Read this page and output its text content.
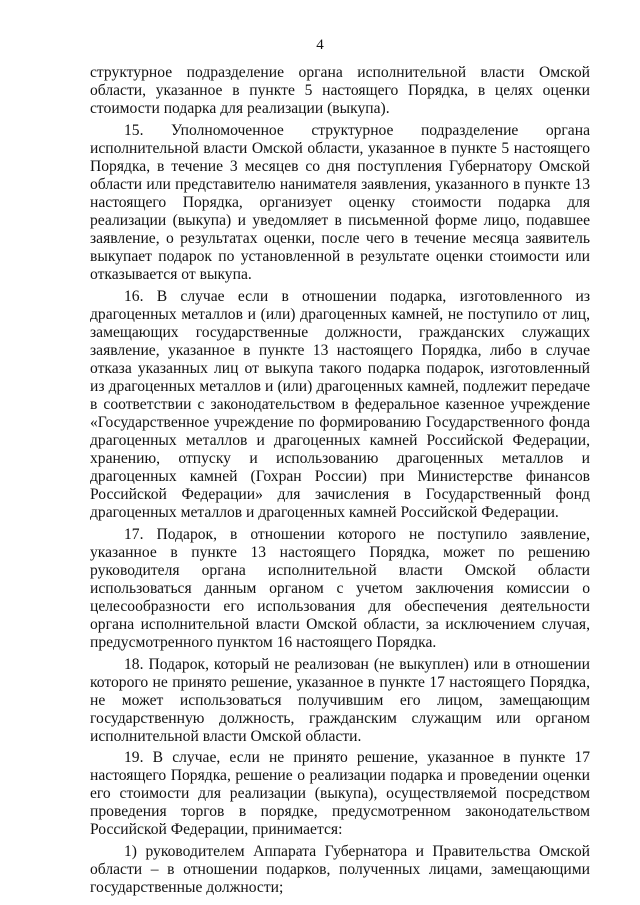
4

структурное подразделение органа исполнительной власти Омской области, указанное в пункте 5 настоящего Порядка, в целях оценки стоимости подарка для реализации (выкупа).

15. Уполномоченное структурное подразделение органа исполнительной власти Омской области, указанное в пункте 5 настоящего Порядка, в течение 3 месяцев со дня поступления Губернатору Омской области или представителю нанимателя заявления, указанного в пункте 13 настоящего Порядка, организует оценку стоимости подарка для реализации (выкупа) и уведомляет в письменной форме лицо, подавшее заявление, о результатах оценки, после чего в течение месяца заявитель выкупает подарок по установленной в результате оценки стоимости или отказывается от выкупа.

16. В случае если в отношении подарка, изготовленного из драгоценных металлов и (или) драгоценных камней, не поступило от лиц, замещающих государственные должности, гражданских служащих заявление, указанное в пункте 13 настоящего Порядка, либо в случае отказа указанных лиц от выкупа такого подарка подарок, изготовленный из драгоценных металлов и (или) драгоценных камней, подлежит передаче в соответствии с законодательством в федеральное казенное учреждение «Государственное учреждение по формированию Государственного фонда драгоценных металлов и драгоценных камней Российской Федерации, хранению, отпуску и использованию драгоценных металлов и драгоценных камней (Гохран России) при Министерстве финансов Российской Федерации» для зачисления в Государственный фонд драгоценных металлов и драгоценных камней Российской Федерации.

17. Подарок, в отношении которого не поступило заявление, указанное в пункте 13 настоящего Порядка, может по решению руководителя органа исполнительной власти Омской области использоваться данным органом с учетом заключения комиссии о целесообразности его использования для обеспечения деятельности органа исполнительной власти Омской области, за исключением случая, предусмотренного пунктом 16 настоящего Порядка.

18. Подарок, который не реализован (не выкуплен) или в отношении которого не принято решение, указанное в пункте 17 настоящего Порядка, не может использоваться получившим его лицом, замещающим государственную должность, гражданским служащим или органом исполнительной власти Омской области.

19. В случае, если не принято решение, указанное в пункте 17 настоящего Порядка, решение о реализации подарка и проведении оценки его стоимости для реализации (выкупа), осуществляемой посредством проведения торгов в порядке, предусмотренном законодательством Российской Федерации, принимается:

1) руководителем Аппарата Губернатора и Правительства Омской области – в отношении подарков, полученных лицами, замещающими государственные должности;
